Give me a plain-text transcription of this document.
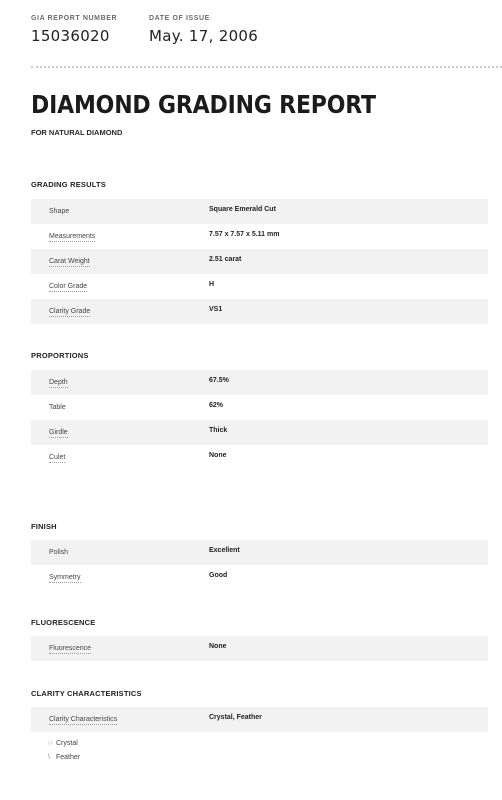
GIA REPORT NUMBER
15036020
DATE OF ISSUE
May. 17, 2006
DIAMOND GRADING REPORT
FOR NATURAL DIAMOND
GRADING RESULTS
Shape	Square Emerald Cut
Measurements	7.57 x 7.57 x 5.11 mm
Carat Weight	2.51 carat
Color Grade	H
Clarity Grade	VS1
PROPORTIONS
Depth	67.5%
Table	62%
Girdle	Thick
Culet	None
FINISH
Polish	Excellent
Symmetry	Good
FLUORESCENCE
Fluorescence	None
CLARITY CHARACTERISTICS
Clarity Characteristics	Crystal, Feather
○ Crystal
\ Feather
